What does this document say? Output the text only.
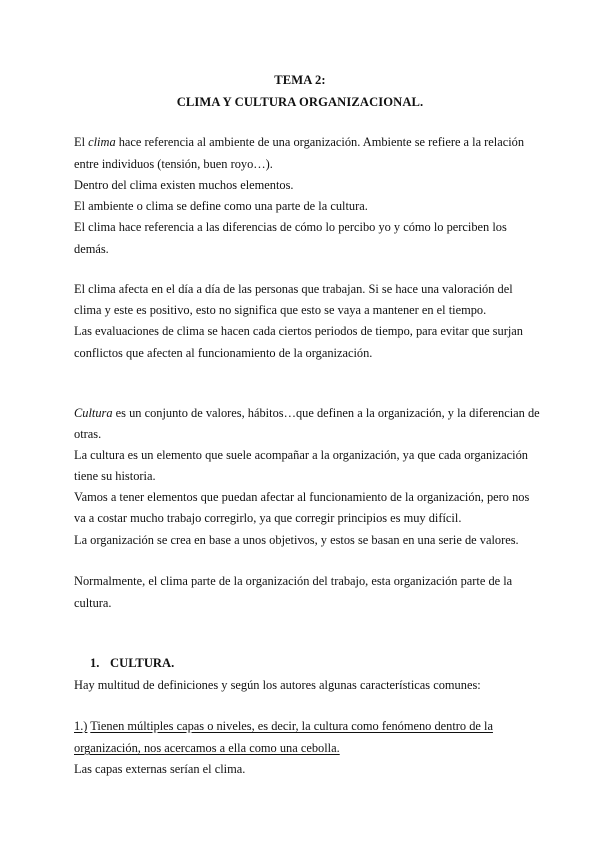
TEMA 2:
CLIMA Y CULTURA ORGANIZACIONAL.
El clima hace referencia al ambiente de una organización. Ambiente se refiere a la relación
entre individuos (tensión, buen royo…).
Dentro del clima existen muchos elementos.
El ambiente o clima se define como una parte de la cultura.
El clima hace referencia a las diferencias de cómo lo percibo yo y cómo lo perciben los
demás.
El clima afecta en el día a día de las personas que trabajan. Si se hace una valoración del
clima y este es positivo, esto no significa que esto se vaya a mantener en el tiempo.
Las evaluaciones de clima se hacen cada ciertos periodos de tiempo, para evitar que surjan
conflictos que afecten al funcionamiento de la organización.
Cultura es un conjunto de valores, hábitos…que definen a la organización, y la diferencian de
otras.
La cultura es un elemento que suele acompañar a la organización, ya que cada organización
tiene su historia.
Vamos a tener elementos que puedan afectar al funcionamiento de la organización, pero nos
va a costar mucho trabajo corregirlo, ya que corregir principios es muy difícil.
La organización se crea en base a unos objetivos, y estos se basan en una serie de valores.
Normalmente, el clima parte de la organización del trabajo, esta organización parte de la
cultura.
1. CULTURA.
Hay multitud de definiciones y según los autores algunas características comunes:
1.) Tienen múltiples capas o niveles, es decir, la cultura como fenómeno dentro de la
organización, nos acercamos a ella como una cebolla.
Las capas externas serían el clima.
